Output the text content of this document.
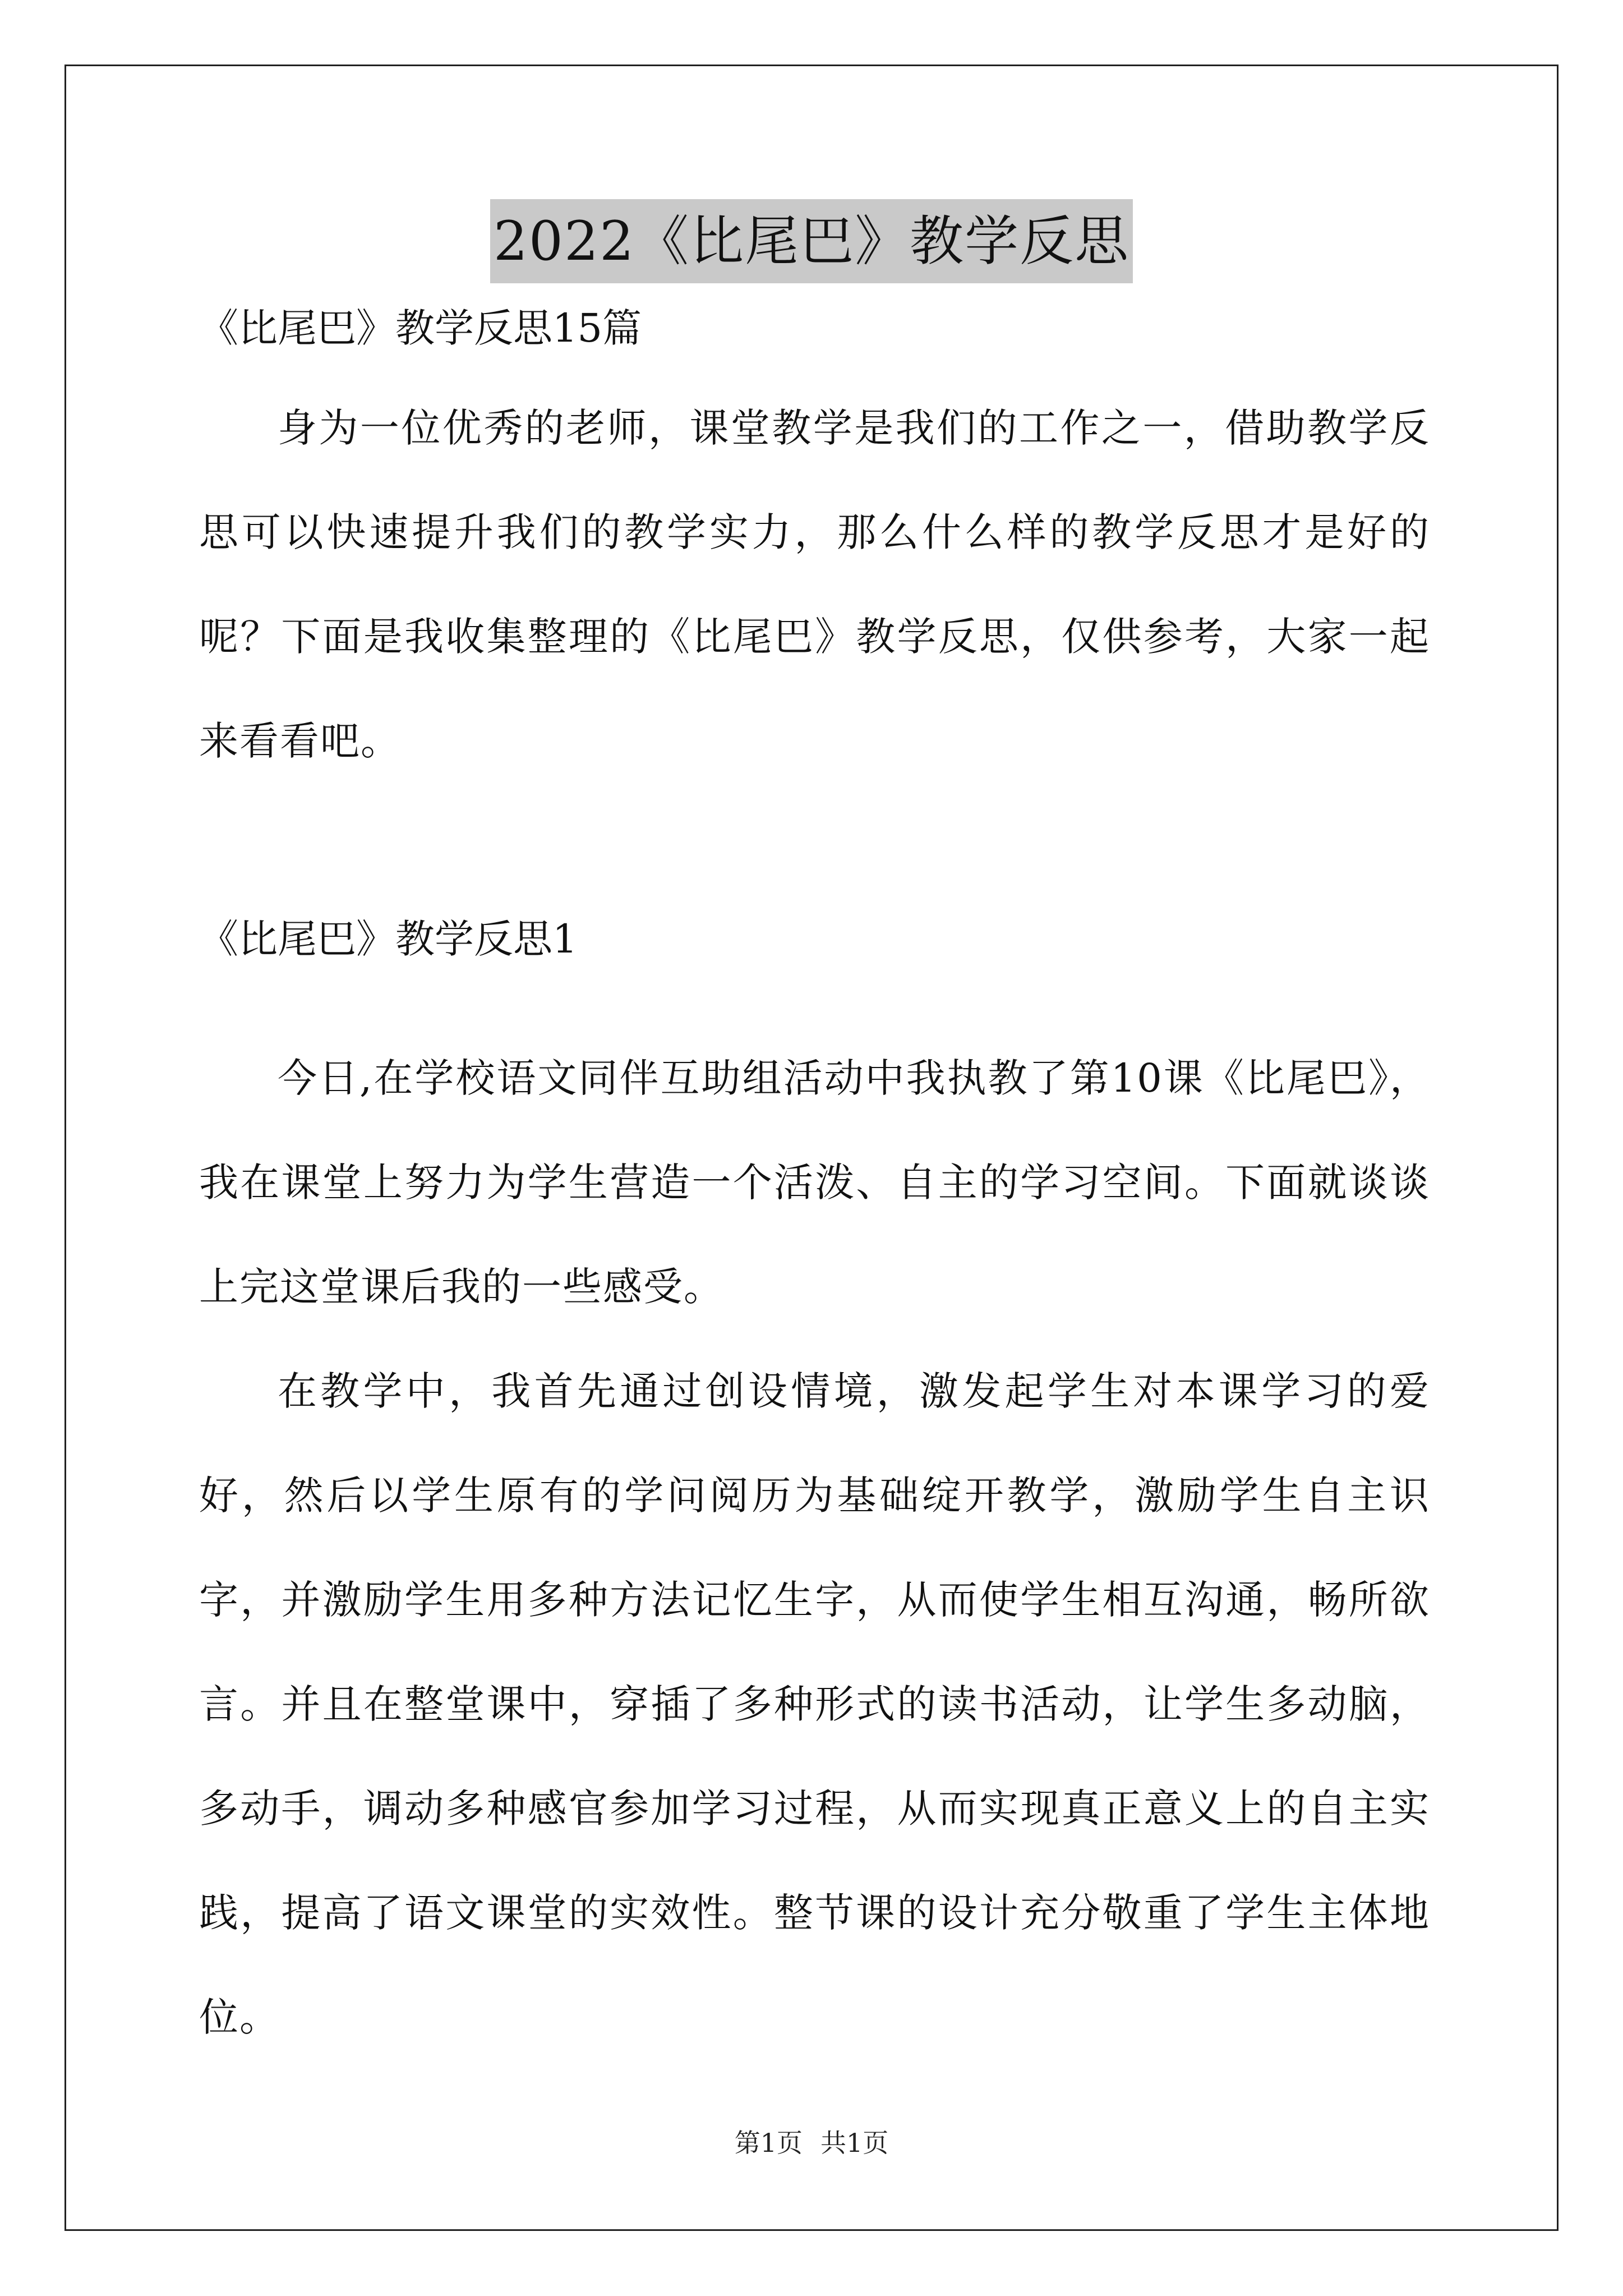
2022《比尾巴》教学反思

《比尾巴》教学反思15篇

身为一位优秀的老师，课堂教学是我们的工作之一，借助教学反思可以快速提升我们的教学实力，那么什么样的教学反思才是好的呢？下面是我收集整理的《比尾巴》教学反思，仅供参考，大家一起来看看吧。

《比尾巴》教学反思1

今日,在学校语文同伴互助组活动中我执教了第10课《比尾巴》，我在课堂上努力为学生营造一个活泼、自主的学习空间。下面就谈谈上完这堂课后我的一些感受。

在教学中，我首先通过创设情境，激发起学生对本课学习的爱好，然后以学生原有的学问阅历为基础绽开教学，激励学生自主识字，并激励学生用多种方法记忆生字，从而使学生相互沟通，畅所欲言。并且在整堂课中，穿插了多种形式的读书活动，让学生多动脑，多动手，调动多种感官参加学习过程，从而实现真正意义上的自主实践，提高了语文课堂的实效性。整节课的设计充分敬重了学生主体地位。

第1页 共1页
